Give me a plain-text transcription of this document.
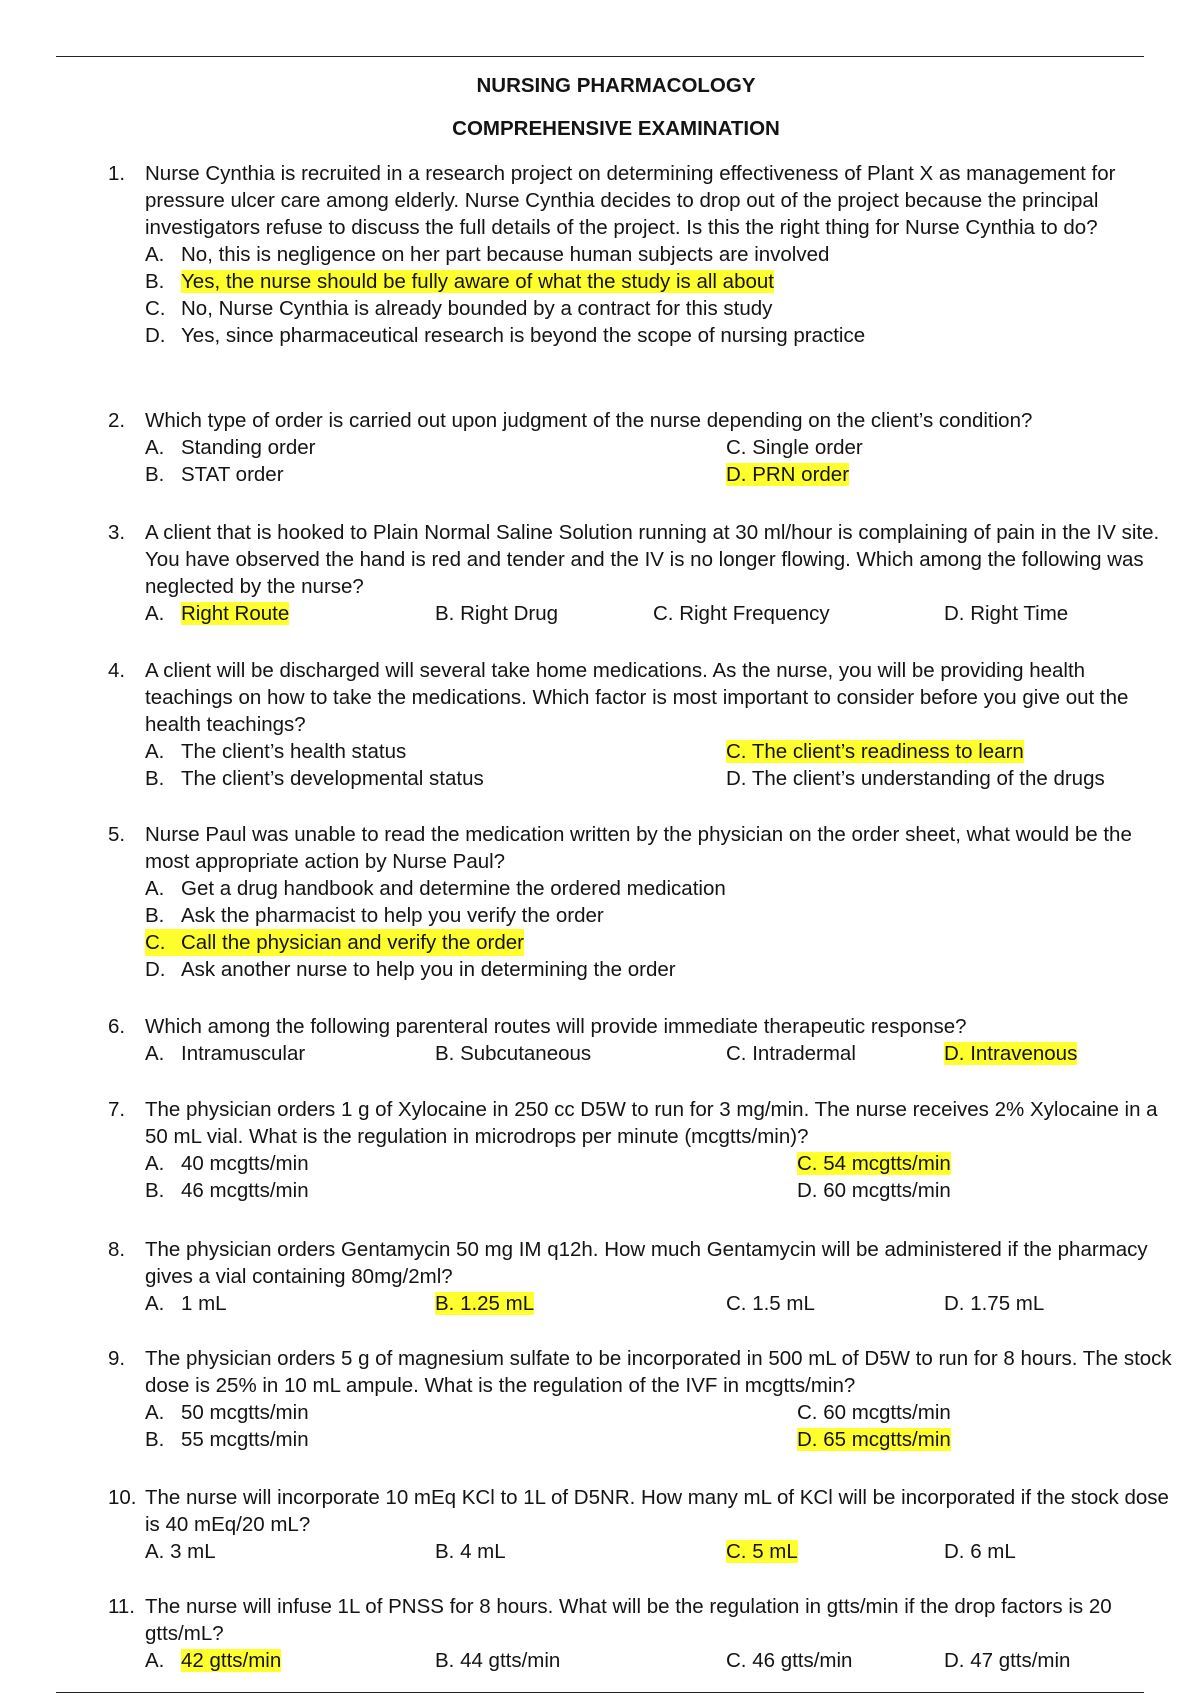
NURSING PHARMACOLOGY
COMPREHENSIVE EXAMINATION
1. Nurse Cynthia is recruited in a research project on determining effectiveness of Plant X as management for pressure ulcer care among elderly. Nurse Cynthia decides to drop out of the project because the principal investigators refuse to discuss the full details of the project. Is this the right thing for Nurse Cynthia to do?
A. No, this is negligence on her part because human subjects are involved
B. Yes, the nurse should be fully aware of what the study is all about
C. No, Nurse Cynthia is already bounded by a contract for this study
D. Yes, since pharmaceutical research is beyond the scope of nursing practice
2. Which type of order is carried out upon judgment of the nurse depending on the client’s condition?
A. Standing order	C. Single order
B. STAT order	D. PRN order
3. A client that is hooked to Plain Normal Saline Solution running at 30 ml/hour is complaining of pain in the IV site. You have observed the hand is red and tender and the IV is no longer flowing. Which among the following was neglected by the nurse?
A. Right Route	B. Right Drug	C. Right Frequency	D. Right Time
4. A client will be discharged will several take home medications. As the nurse, you will be providing health teachings on how to take the medications. Which factor is most important to consider before you give out the health teachings?
A. The client’s health status	C. The client’s readiness to learn
B. The client’s developmental status	D. The client’s understanding of the drugs
5. Nurse Paul was unable to read the medication written by the physician on the order sheet, what would be the most appropriate action by Nurse Paul?
A. Get a drug handbook and determine the ordered medication
B. Ask the pharmacist to help you verify the order
C. Call the physician and verify the order
D. Ask another nurse to help you in determining the order
6. Which among the following parenteral routes will provide immediate therapeutic response?
A. Intramuscular	B. Subcutaneous	C. Intradermal	D. Intravenous
7. The physician orders 1 g of Xylocaine in 250 cc D5W to run for 3 mg/min. The nurse receives 2% Xylocaine in a 50 mL vial. What is the regulation in microdrops per minute (mcgtts/min)?
A. 40 mcgtts/min	C. 54 mcgtts/min
B. 46 mcgtts/min	D. 60 mcgtts/min
8. The physician orders Gentamycin 50 mg IM q12h. How much Gentamycin will be administered if the pharmacy gives a vial containing 80mg/2ml?
A. 1 mL	B. 1.25 mL	C. 1.5 mL	D. 1.75 mL
9. The physician orders 5 g of magnesium sulfate to be incorporated in 500 mL of D5W to run for 8 hours. The stock dose is 25% in 10 mL ampule. What is the regulation of the IVF in mcgtts/min?
A. 50 mcgtts/min	C. 60 mcgtts/min
B. 55 mcgtts/min	D. 65 mcgtts/min
10. The nurse will incorporate 10 mEq KCl to 1L of D5NR. How many mL of KCl will be incorporated if the stock dose is 40 mEq/20 mL?
A. 3 mL	B. 4 mL	C. 5 mL	D. 6 mL
11. The nurse will infuse 1L of PNSS for 8 hours. What will be the regulation in gtts/min if the drop factors is 20 gtts/mL?
A. 42 gtts/min	B. 44 gtts/min	C. 46 gtts/min	D. 47 gtts/min
